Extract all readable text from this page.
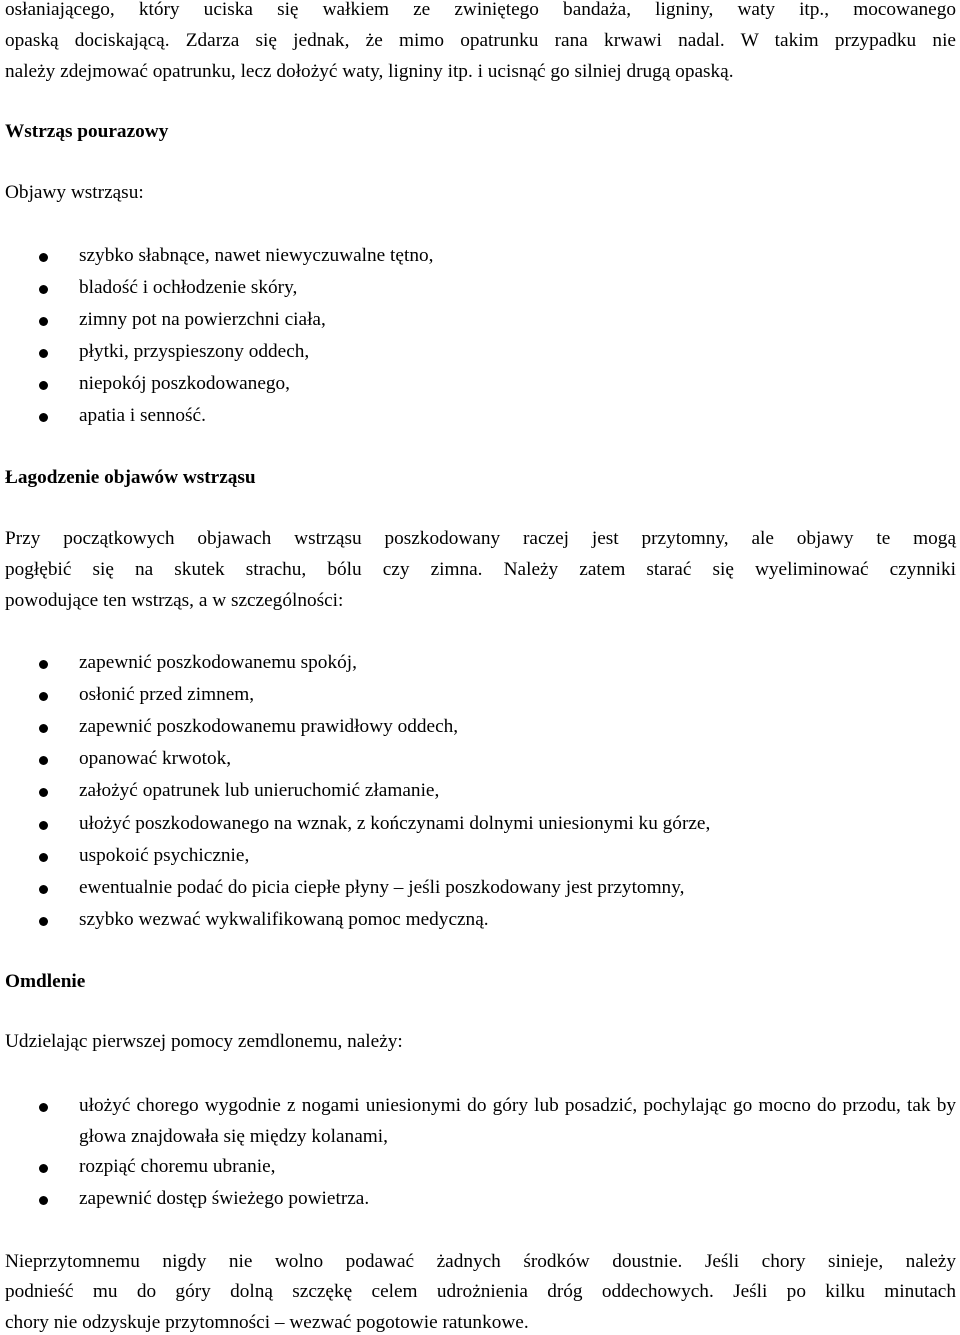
osłaniającego, który uciska się wałkiem ze zwiniętego bandaża, ligniny, waty itp., mocowanego
opaską dociskającą. Zdarza się jednak, że mimo opatrunku rana krwawi nadal. W takim przypadku nie
należy zdejmować opatrunku, lecz dołożyć waty, ligniny itp. i ucisnąć go silniej drugą opaską.
Wstrząs pourazowy
Objawy wstrząsu:
szybko słabnące, nawet niewyczuwalne tętno,
bladość i ochłodzenie skóry,
zimny pot na powierzchni ciała,
płytki, przyspieszony oddech,
niepokój poszkodowanego,
apatia i senność.
Łagodzenie objawów wstrząsu
Przy początkowych objawach wstrząsu poszkodowany raczej jest przytomny, ale objawy te mogą
pogłębić się na skutek strachu, bólu czy zimna. Należy zatem starać się wyeliminować czynniki
powodujące ten wstrząs, a w szczególności:
zapewnić poszkodowanemu spokój,
osłonić przed zimnem,
zapewnić poszkodowanemu prawidłowy oddech,
opanować krwotok,
założyć opatrunek lub unieruchomić złamanie,
ułożyć poszkodowanego na wznak, z kończynami dolnymi uniesionymi ku górze,
uspokoić psychicznie,
ewentualnie podać do picia ciepłe płyny – jeśli poszkodowany jest przytomny,
szybko wezwać wykwalifikowaną pomoc medyczną.
Omdlenie
Udzielając pierwszej pomocy zemdlonemu, należy:
ułożyć chorego wygodnie z nogami uniesionymi do góry lub posadzić, pochylając go mocno do przodu, tak by głowa znajdowała się między kolanami,
rozpiąć choremu ubranie,
zapewnić dostęp świeżego powietrza.
Nieprzytomnemu nigdy nie wolno podawać żadnych środków doustnie. Jeśli chory sinieje, należy
podnieść mu do góry dolną szczękę celem udrożnienia dróg oddechowych. Jeśli po kilku minutach
chory nie odzyskuje przytomności – wezwać pogotowie ratunkowe.
